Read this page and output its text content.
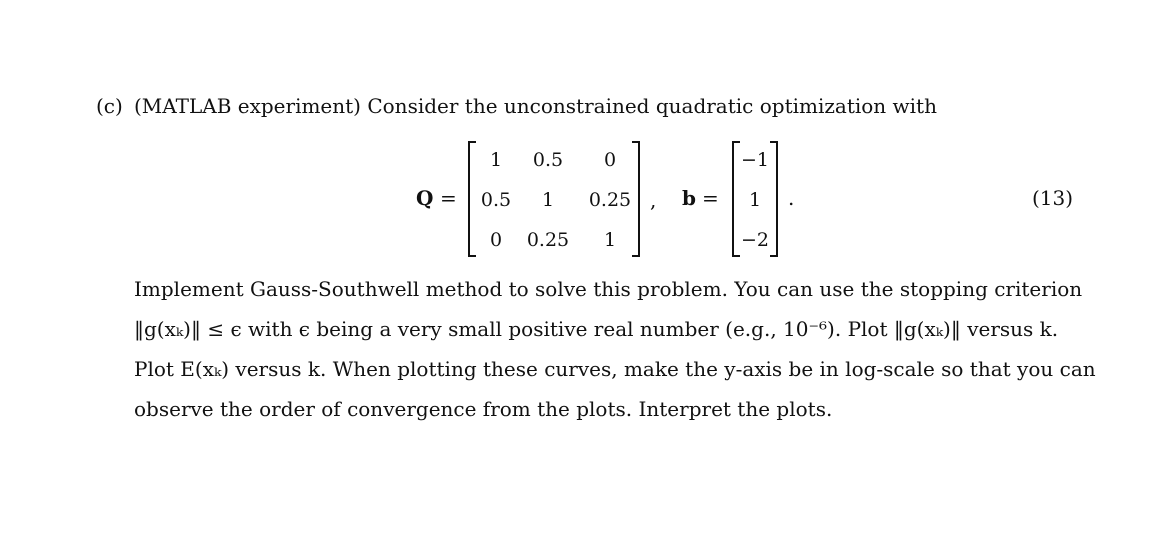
(c) (MATLAB experiment) Consider the unconstrained quadratic optimization with
Q =
1	0.5	0
0.5	1	0.25
0	0.25	1
, b =
−1
1
−2
.	(13)
Implement Gauss-Southwell method to solve this problem. You can use the stopping criterion
‖g(xₖ)‖ ≤ ϵ with ϵ being a very small positive real number (e.g., 10⁻⁶). Plot ‖g(xₖ)‖ versus k.
Plot E(xₖ) versus k. When plotting these curves, make the y-axis be in log-scale so that you can
observe the order of convergence from the plots. Interpret the plots.
